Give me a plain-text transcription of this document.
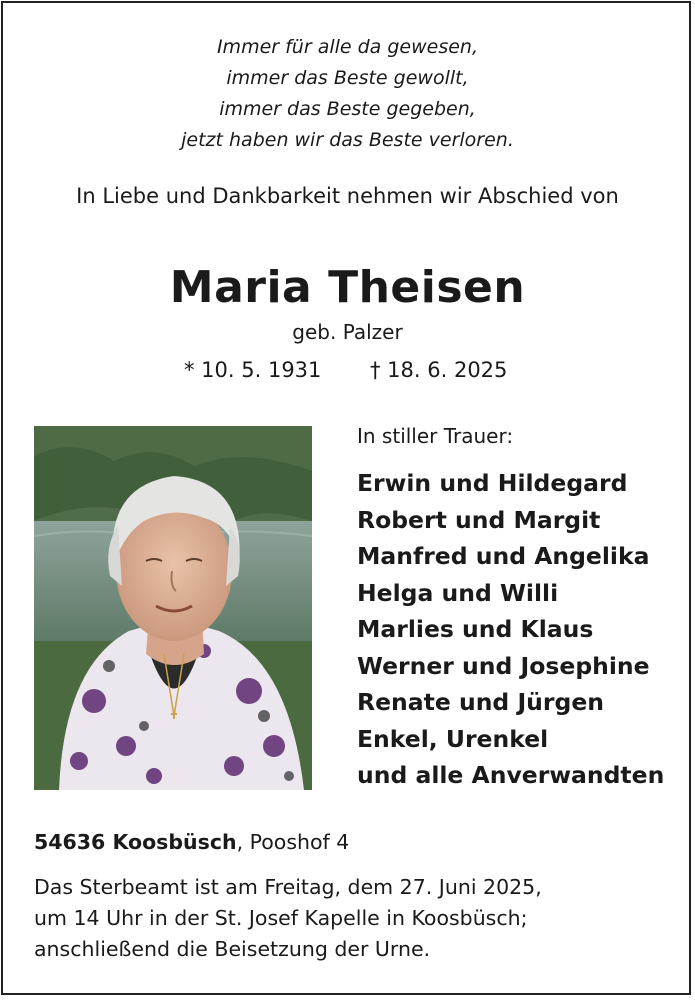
Immer für alle da gewesen,
immer das Beste gewollt,
immer das Beste gegeben,
jetzt haben wir das Beste verloren.
In Liebe und Dankbarkeit nehmen wir Abschied von
Maria Theisen
geb. Palzer
* 10. 5. 1931 † 18. 6. 2025
In stiller Trauer:
Erwin und Hildegard
Robert und Margit
Manfred und Angelika
Helga und Willi
Marlies und Klaus
Werner und Josephine
Renate und Jürgen
Enkel, Urenkel
und alle Anverwandten
54636 Koosbüsch, Pooshof 4
Das Sterbeamt ist am Freitag, dem 27. Juni 2025,
um 14 Uhr in der St. Josef Kapelle in Koosbüsch;
anschließend die Beisetzung der Urne.
